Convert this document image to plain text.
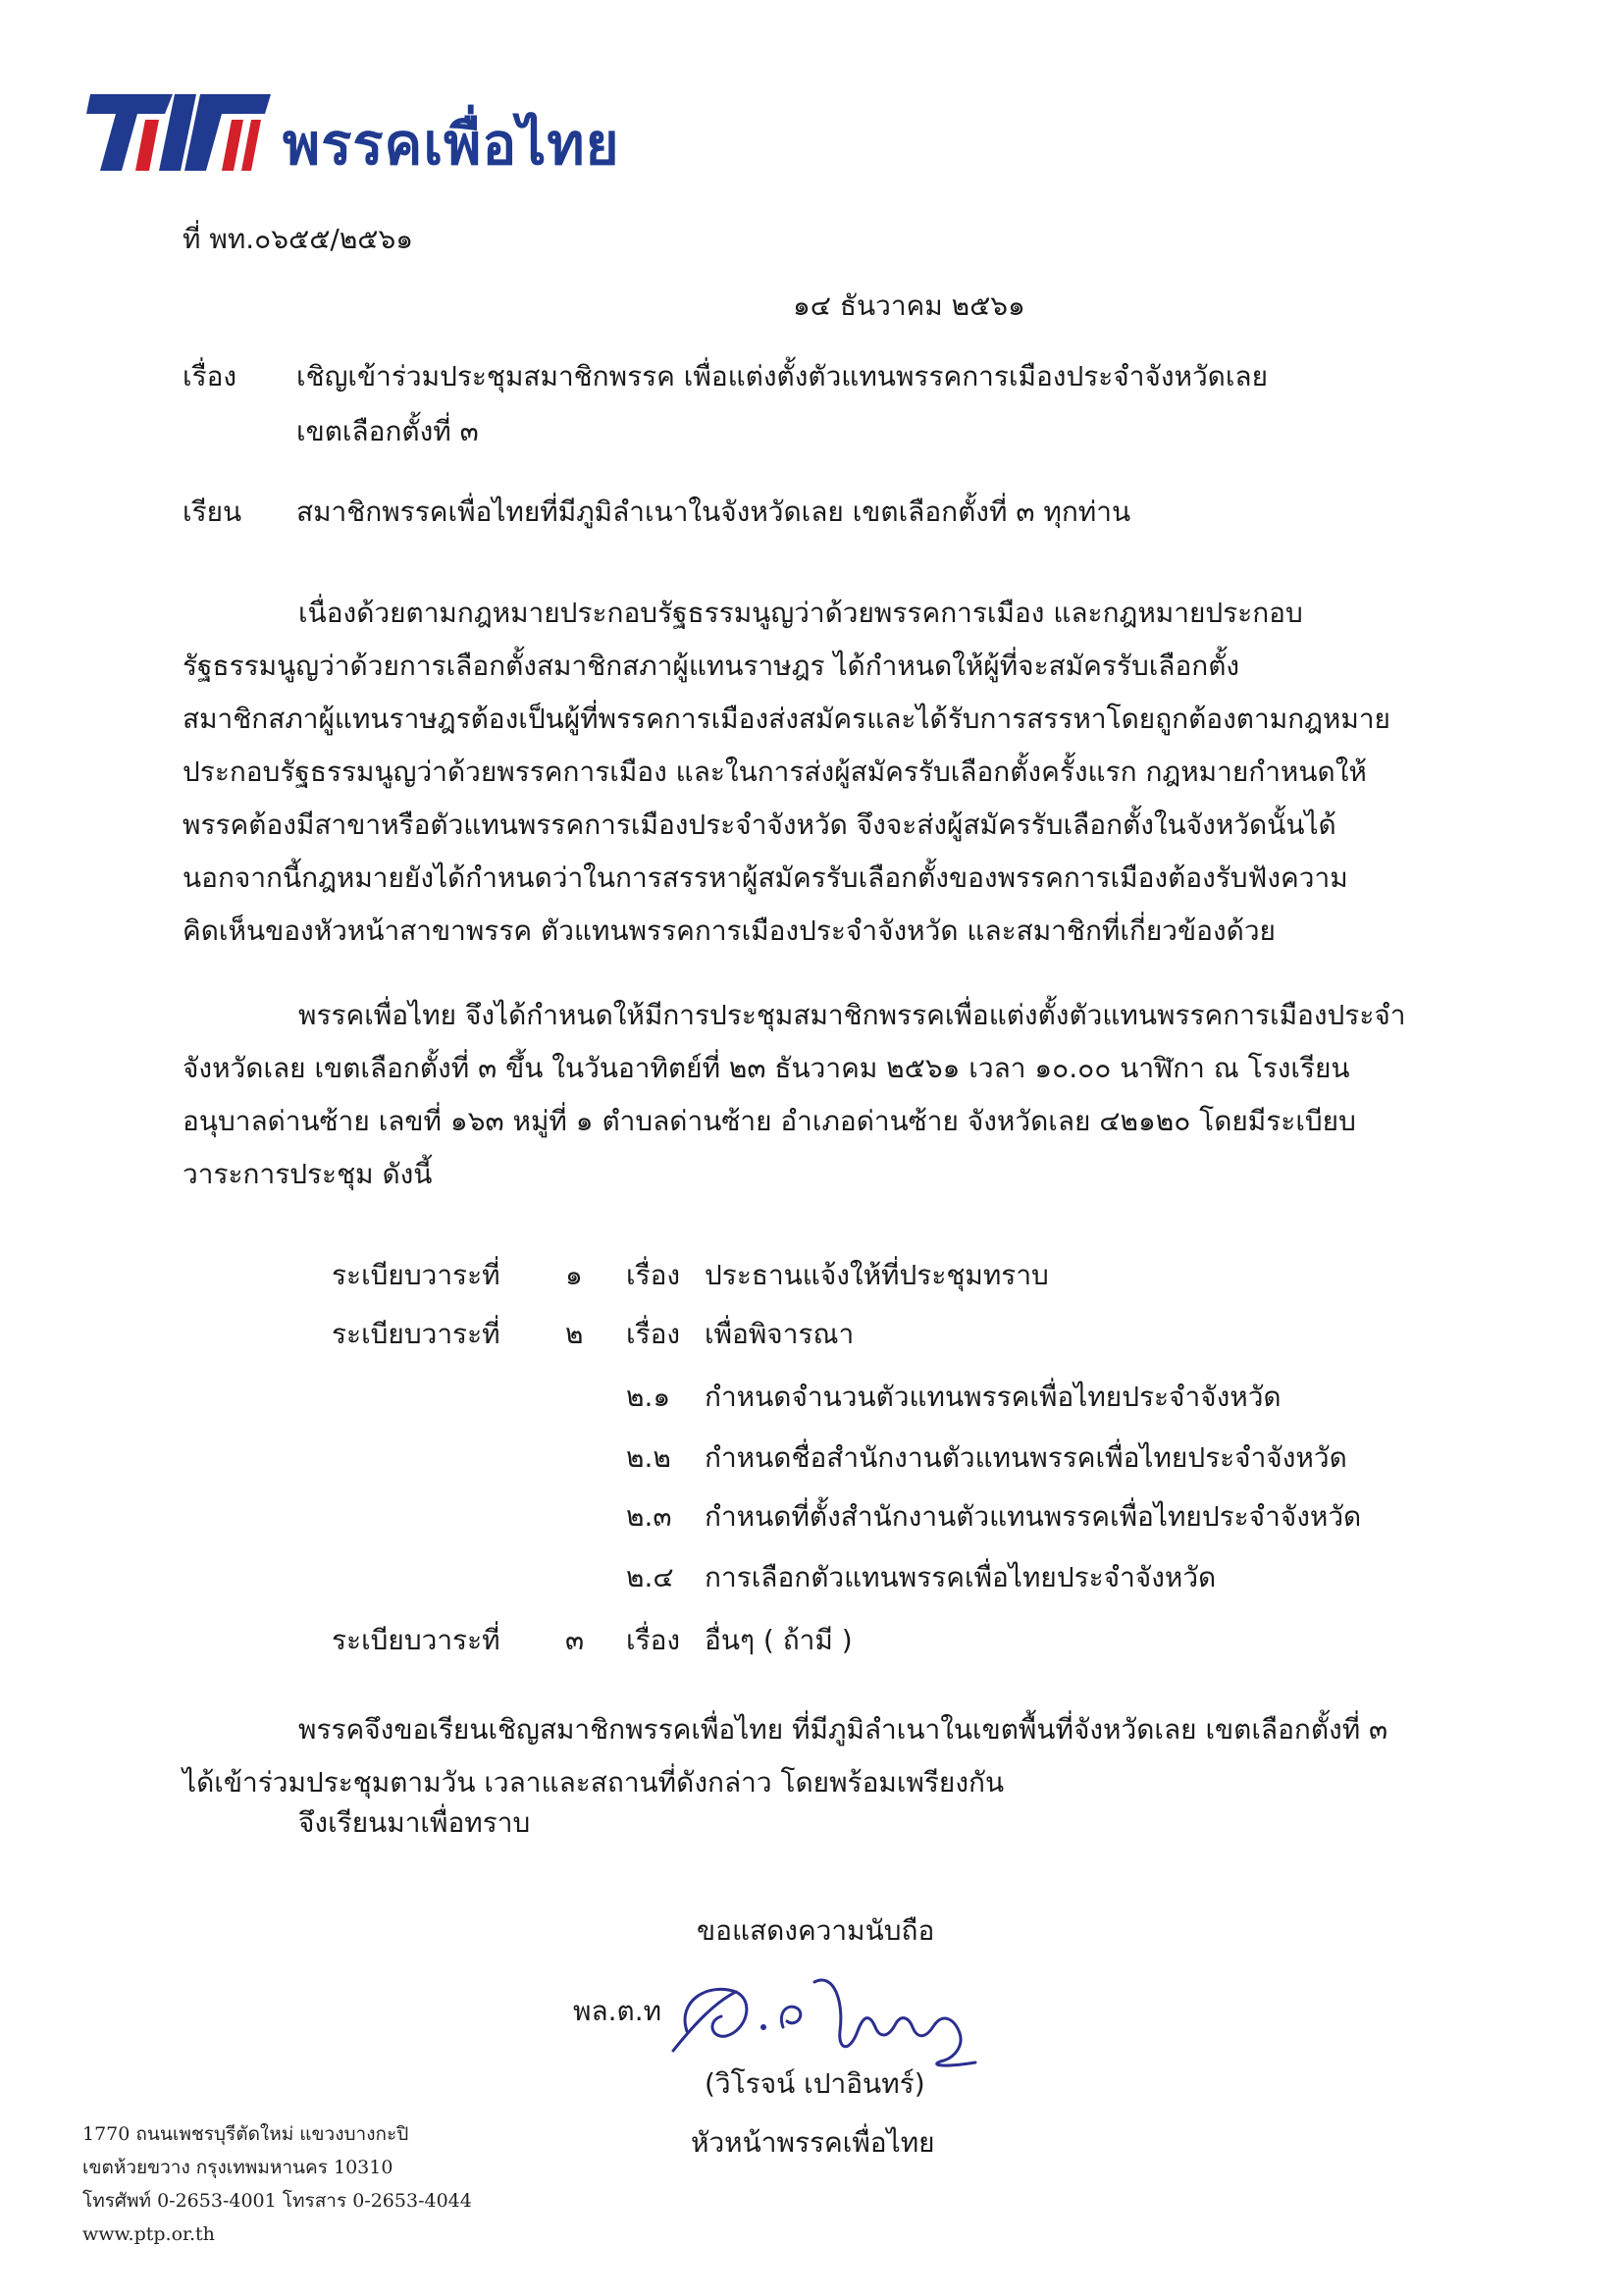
พรรคเพื่อไทย
ที่ พท.๐๖๕๕/๒๕๖๑
๑๔ ธันวาคม ๒๕๖๑
เรื่อง เชิญเข้าร่วมประชุมสมาชิกพรรค เพื่อแต่งตั้งตัวแทนพรรคการเมืองประจำจังหวัดเลย
เขตเลือกตั้งที่ ๓
เรียน สมาชิกพรรคเพื่อไทยที่มีภูมิลำเนาในจังหวัดเลย เขตเลือกตั้งที่ ๓ ทุกท่าน
เนื่องด้วยตามกฎหมายประกอบรัฐธรรมนูญว่าด้วยพรรคการเมือง และกฎหมายประกอบ
รัฐธรรมนูญว่าด้วยการเลือกตั้งสมาชิกสภาผู้แทนราษฎร ได้กำหนดให้ผู้ที่จะสมัครรับเลือกตั้ง
สมาชิกสภาผู้แทนราษฎรต้องเป็นผู้ที่พรรคการเมืองส่งสมัครและได้รับการสรรหาโดยถูกต้องตามกฎหมาย
ประกอบรัฐธรรมนูญว่าด้วยพรรคการเมือง และในการส่งผู้สมัครรับเลือกตั้งครั้งแรก กฎหมายกำหนดให้
พรรคต้องมีสาขาหรือตัวแทนพรรคการเมืองประจำจังหวัด จึงจะส่งผู้สมัครรับเลือกตั้งในจังหวัดนั้นได้
นอกจากนี้กฎหมายยังได้กำหนดว่าในการสรรหาผู้สมัครรับเลือกตั้งของพรรคการเมืองต้องรับฟังความ
คิดเห็นของหัวหน้าสาขาพรรค ตัวแทนพรรคการเมืองประจำจังหวัด และสมาชิกที่เกี่ยวข้องด้วย
พรรคเพื่อไทย จึงได้กำหนดให้มีการประชุมสมาชิกพรรคเพื่อแต่งตั้งตัวแทนพรรคการเมืองประจำ
จังหวัดเลย เขตเลือกตั้งที่ ๓ ขึ้น ในวันอาทิตย์ที่ ๒๓ ธันวาคม ๒๕๖๑ เวลา ๑๐.๐๐ นาฬิกา ณ โรงเรียน
อนุบาลด่านซ้าย เลขที่ ๑๖๓ หมู่ที่ ๑ ตำบลด่านซ้าย อำเภอด่านซ้าย จังหวัดเลย ๔๒๑๒๐ โดยมีระเบียบ
วาระการประชุม ดังนี้
ระเบียบวาระที่ ๑ เรื่อง ประธานแจ้งให้ที่ประชุมทราบ
ระเบียบวาระที่ ๒ เรื่อง เพื่อพิจารณา
๒.๑ กำหนดจำนวนตัวแทนพรรคเพื่อไทยประจำจังหวัด
๒.๒ กำหนดชื่อสำนักงานตัวแทนพรรคเพื่อไทยประจำจังหวัด
๒.๓ กำหนดที่ตั้งสำนักงานตัวแทนพรรคเพื่อไทยประจำจังหวัด
๒.๔ การเลือกตัวแทนพรรคเพื่อไทยประจำจังหวัด
ระเบียบวาระที่ ๓ เรื่อง อื่นๆ ( ถ้ามี )
พรรคจึงขอเรียนเชิญสมาชิกพรรคเพื่อไทย ที่มีภูมิลำเนาในเขตพื้นที่จังหวัดเลย เขตเลือกตั้งที่ ๓
ได้เข้าร่วมประชุมตามวัน เวลาและสถานที่ดังกล่าว โดยพร้อมเพรียงกัน
จึงเรียนมาเพื่อทราบ
ขอแสดงความนับถือ
พล.ต.ท
(วิโรจน์ เปาอินทร์)
หัวหน้าพรรคเพื่อไทย
1770 ถนนเพชรบุรีตัดใหม่ แขวงบางกะปิ
เขตห้วยขวาง กรุงเทพมหานคร 10310
โทรศัพท์ 0-2653-4001 โทรสาร 0-2653-4044
www.ptp.or.th
